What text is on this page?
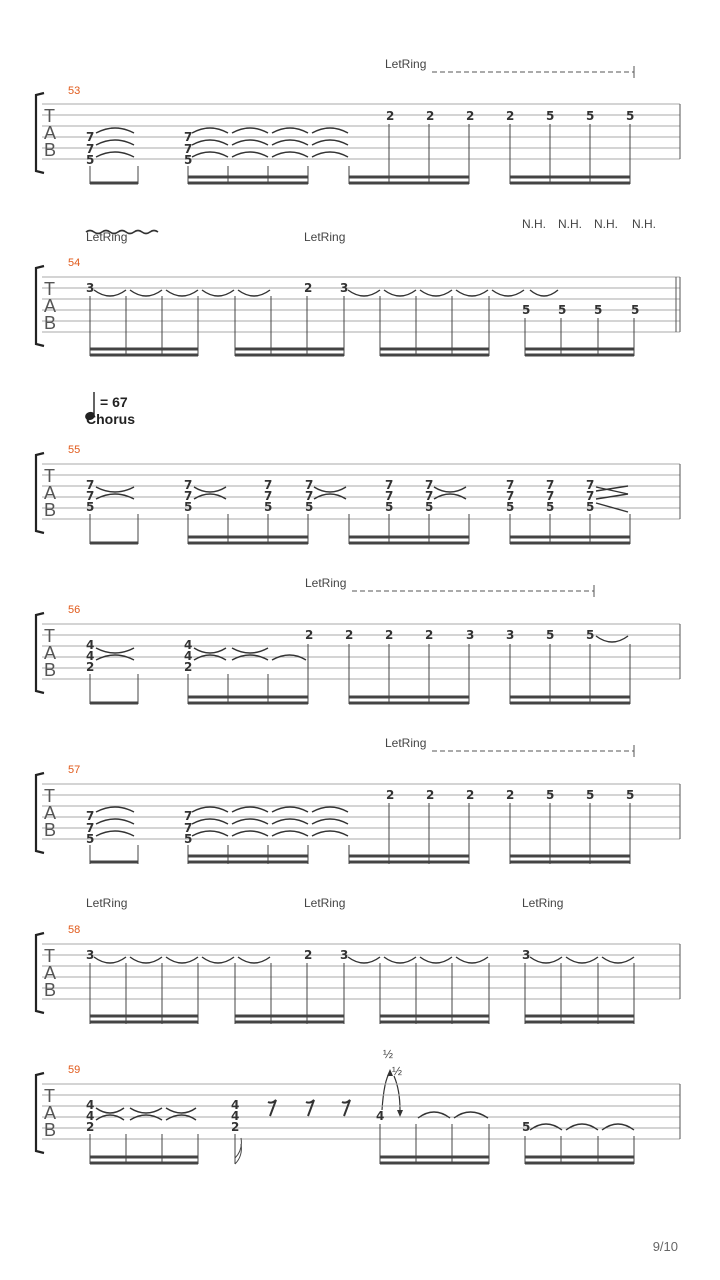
LetRing
53
T
A
B
7
7
5
7
7
5
2	2	2	2	5	5	5
LetRing	LetRing
N.H. N.H. N.H. N.H.
54
T
A
B
3	2 3
5 5 5 5
= 67
Chorus
55
T
A
B
7
7
5
7
7
5
7
7
5
7
7
5
7
7
5
7
7
5
7
7
5
7
7
5
7
7
5
LetRing
56
T
A
B
4
4
2
4
4
2
2	2	2	2	3	3	5	5
LetRing
57
T
A
B
7
7
5
7
7
5
2	2	2	2	5	5	5
LetRing	LetRing	LetRing
58
T
A
B
3	2 3	3
½
½
59
T
A
B
4
4
2
4
4
2
4
5
9/10
